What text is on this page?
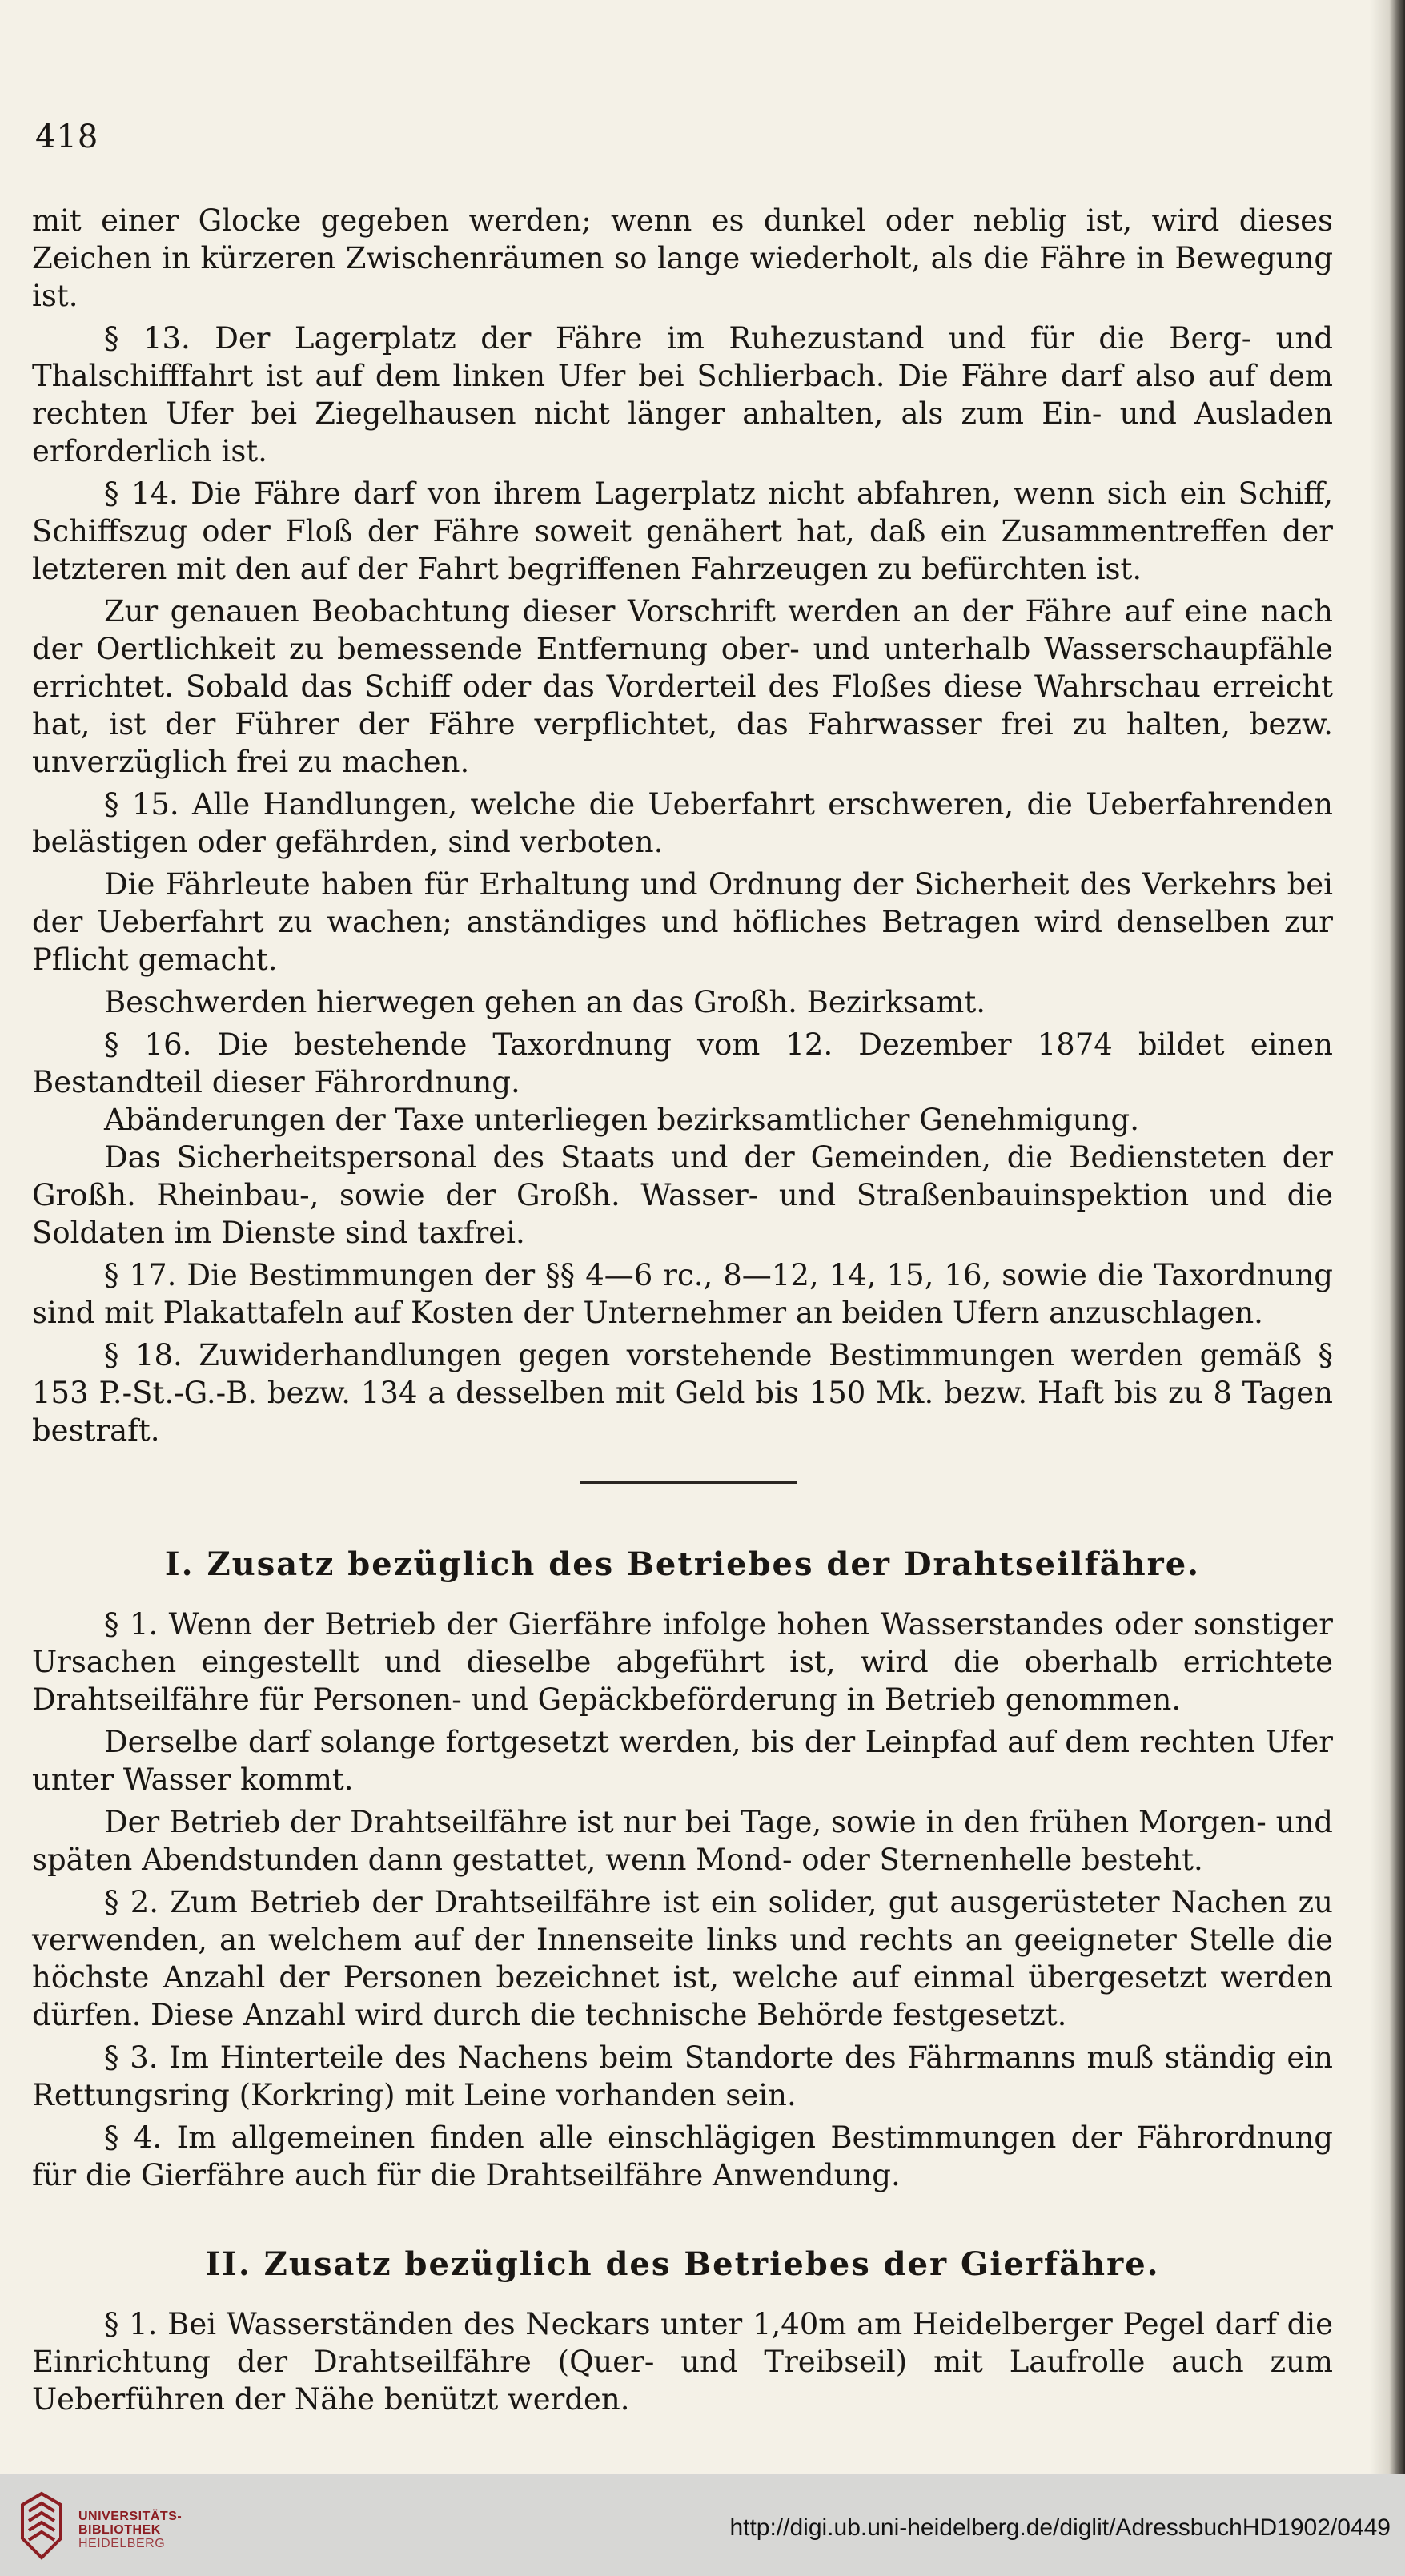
418

mit einer Glocke gegeben werden; wenn es dunkel oder neblig ist, wird dieses Zeichen in kürzeren Zwischenräumen so lange wiederholt, als die Fähre in Bewegung ist.

§ 13. Der Lagerplatz der Fähre im Ruhezustand und für die Berg- und Thalschifffahrt ist auf dem linken Ufer bei Schlierbach. Die Fähre darf also auf dem rechten Ufer bei Ziegelhausen nicht länger anhalten, als zum Ein- und Ausladen erforderlich ist.

§ 14. Die Fähre darf von ihrem Lagerplatz nicht abfahren, wenn sich ein Schiff, Schiffszug oder Floß der Fähre soweit genähert hat, daß ein Zusammentreffen der letzteren mit den auf der Fahrt begriffenen Fahrzeugen zu befürchten ist.

Zur genauen Beobachtung dieser Vorschrift werden an der Fähre auf eine nach der Oertlichkeit zu bemessende Entfernung ober- und unterhalb Wasserschaupfähle errichtet. Sobald das Schiff oder das Vorderteil des Floßes diese Wahrschau erreicht hat, ist der Führer der Fähre verpflichtet, das Fahrwasser frei zu halten, bezw. unverzüglich frei zu machen.

§ 15. Alle Handlungen, welche die Ueberfahrt erschweren, die Ueberfahrenden belästigen oder gefährden, sind verboten.

Die Fährleute haben für Erhaltung und Ordnung der Sicherheit des Verkehrs bei der Ueberfahrt zu wachen; anständiges und höfliches Betragen wird denselben zur Pflicht gemacht.

Beschwerden hierwegen gehen an das Großh. Bezirksamt.

§ 16. Die bestehende Taxordnung vom 12. Dezember 1874 bildet einen Bestandteil dieser Fährordnung.

Abänderungen der Taxe unterliegen bezirksamtlicher Genehmigung.

Das Sicherheitspersonal des Staats und der Gemeinden, die Bediensteten der Großh. Rheinbau-, sowie der Großh. Wasser- und Straßenbauinspektion und die Soldaten im Dienste sind taxfrei.

§ 17. Die Bestimmungen der §§ 4—6 rc., 8—12, 14, 15, 16, sowie die Taxordnung sind mit Plakattafeln auf Kosten der Unternehmer an beiden Ufern anzuschlagen.

§ 18. Zuwiderhandlungen gegen vorstehende Bestimmungen werden gemäß § 153 P.-St.-G.-B. bezw. 134 a desselben mit Geld bis 150 Mk. bezw. Haft bis zu 8 Tagen bestraft.

I. Zusatz bezüglich des Betriebes der Drahtseilfähre.

§ 1. Wenn der Betrieb der Gierfähre infolge hohen Wasserstandes oder sonstiger Ursachen eingestellt und dieselbe abgeführt ist, wird die oberhalb errichtete Drahtseilfähre für Personen- und Gepäckbeförderung in Betrieb genommen.

Derselbe darf solange fortgesetzt werden, bis der Leinpfad auf dem rechten Ufer unter Wasser kommt.

Der Betrieb der Drahtseilfähre ist nur bei Tage, sowie in den frühen Morgen- und späten Abendstunden dann gestattet, wenn Mond- oder Sternenhelle besteht.

§ 2. Zum Betrieb der Drahtseilfähre ist ein solider, gut ausgerüsteter Nachen zu verwenden, an welchem auf der Innenseite links und rechts an geeigneter Stelle die höchste Anzahl der Personen bezeichnet ist, welche auf einmal übergesetzt werden dürfen. Diese Anzahl wird durch die technische Behörde festgesetzt.

§ 3. Im Hinterteile des Nachens beim Standorte des Fährmanns muß ständig ein Rettungsring (Korkring) mit Leine vorhanden sein.

§ 4. Im allgemeinen finden alle einschlägigen Bestimmungen der Fährordnung für die Gierfähre auch für die Drahtseilfähre Anwendung.

II. Zusatz bezüglich des Betriebes der Gierfähre.

§ 1. Bei Wasserständen des Neckars unter 1,40m am Heidelberger Pegel darf die Einrichtung der Drahtseilfähre (Quer- und Treibseil) mit Laufrolle auch zum Ueberführen der Nähe benützt werden.

UNIVERSITÄTS-
BIBLIOTHEK
HEIDELBERG
http://digi.ub.uni-heidelberg.de/diglit/AdressbuchHD1902/0449
